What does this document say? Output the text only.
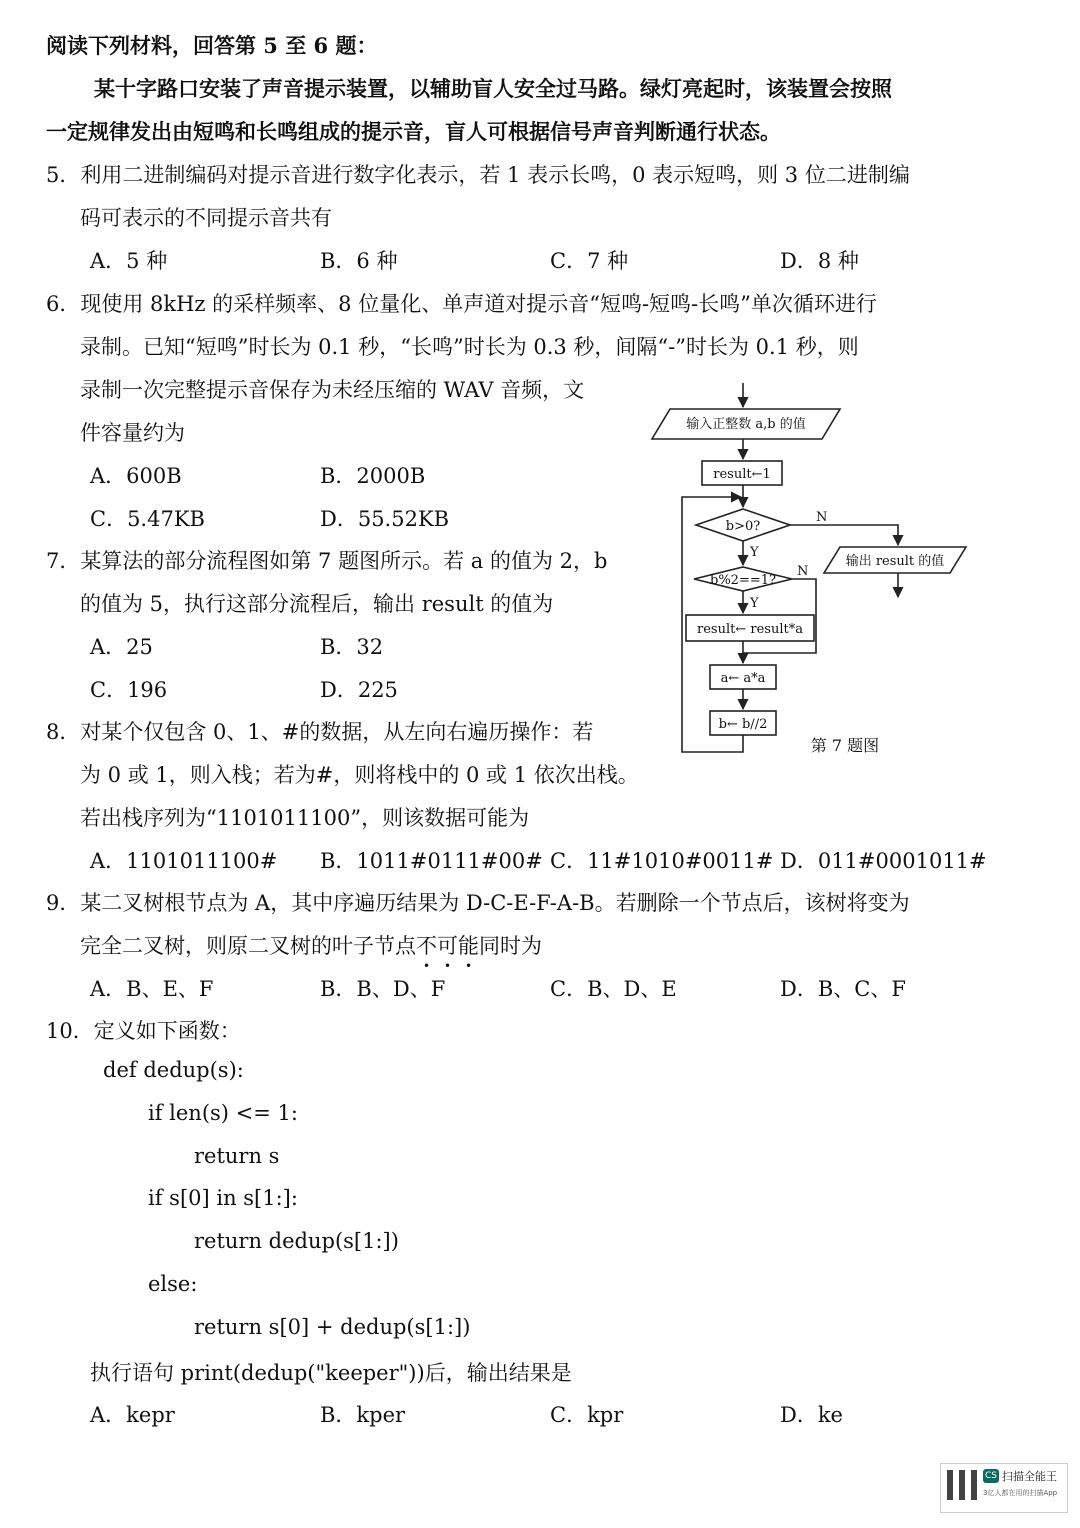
阅读下列材料，回答第 5 至 6 题：
某十字路口安装了声音提示装置，以辅助盲人安全过马路。绿灯亮起时，该装置会按照
一定规律发出由短鸣和长鸣组成的提示音，盲人可根据信号声音判断通行状态。
5．利用二进制编码对提示音进行数字化表示，若 1 表示长鸣，0 表示短鸣，则 3 位二进制编
码可表示的不同提示音共有
A．5 种	B．6 种	C．7 种	D．8 种
6．现使用 8kHz 的采样频率、8 位量化、单声道对提示音“短鸣-短鸣-长鸣”单次循环进行
录制。已知“短鸣”时长为 0.1 秒，“长鸣”时长为 0.3 秒，间隔“-”时长为 0.1 秒，则
录制一次完整提示音保存为未经压缩的 WAV 音频，文
件容量约为
A．600B	B．2000B
C．5.47KB	D．55.52KB
7．某算法的部分流程图如第 7 题图所示。若 a 的值为 2，b
的值为 5，执行这部分流程后，输出 result 的值为
A．25	B．32
C．196	D．225
输入正整数 a,b 的值
result←1
b>0?
N
输出 result 的值
Y
b%2==1?
N
Y
result← result*a
a← a*a
b← b//2
第 7 题图
8．对某个仅包含 0、1、#的数据，从左向右遍历操作：若
为 0 或 1，则入栈；若为#，则将栈中的 0 或 1 依次出栈。
若出栈序列为“1101011100”，则该数据可能为
A．1101011100# B．1011#0111#00# C．11#1010#0011# D．011#0001011#
9．某二叉树根节点为 A，其中序遍历结果为 D-C-E-F-A-B。若删除一个节点后，该树将变为
完全二叉树，则原二叉树的叶子节点不可能同时为
A．B、E、F	B．B、D、F	C．B、D、E	D．B、C、F
10．定义如下函数：
def dedup(s):
if len(s) <= 1:
return s
if s[0] in s[1:]:
return dedup(s[1:])
else:
return s[0] + dedup(s[1:])
执行语句 print(dedup("keeper"))后，输出结果是
A．kepr	B．kper	C．kpr	D．ke
CS 扫描全能王
3亿人都在用的扫描App
